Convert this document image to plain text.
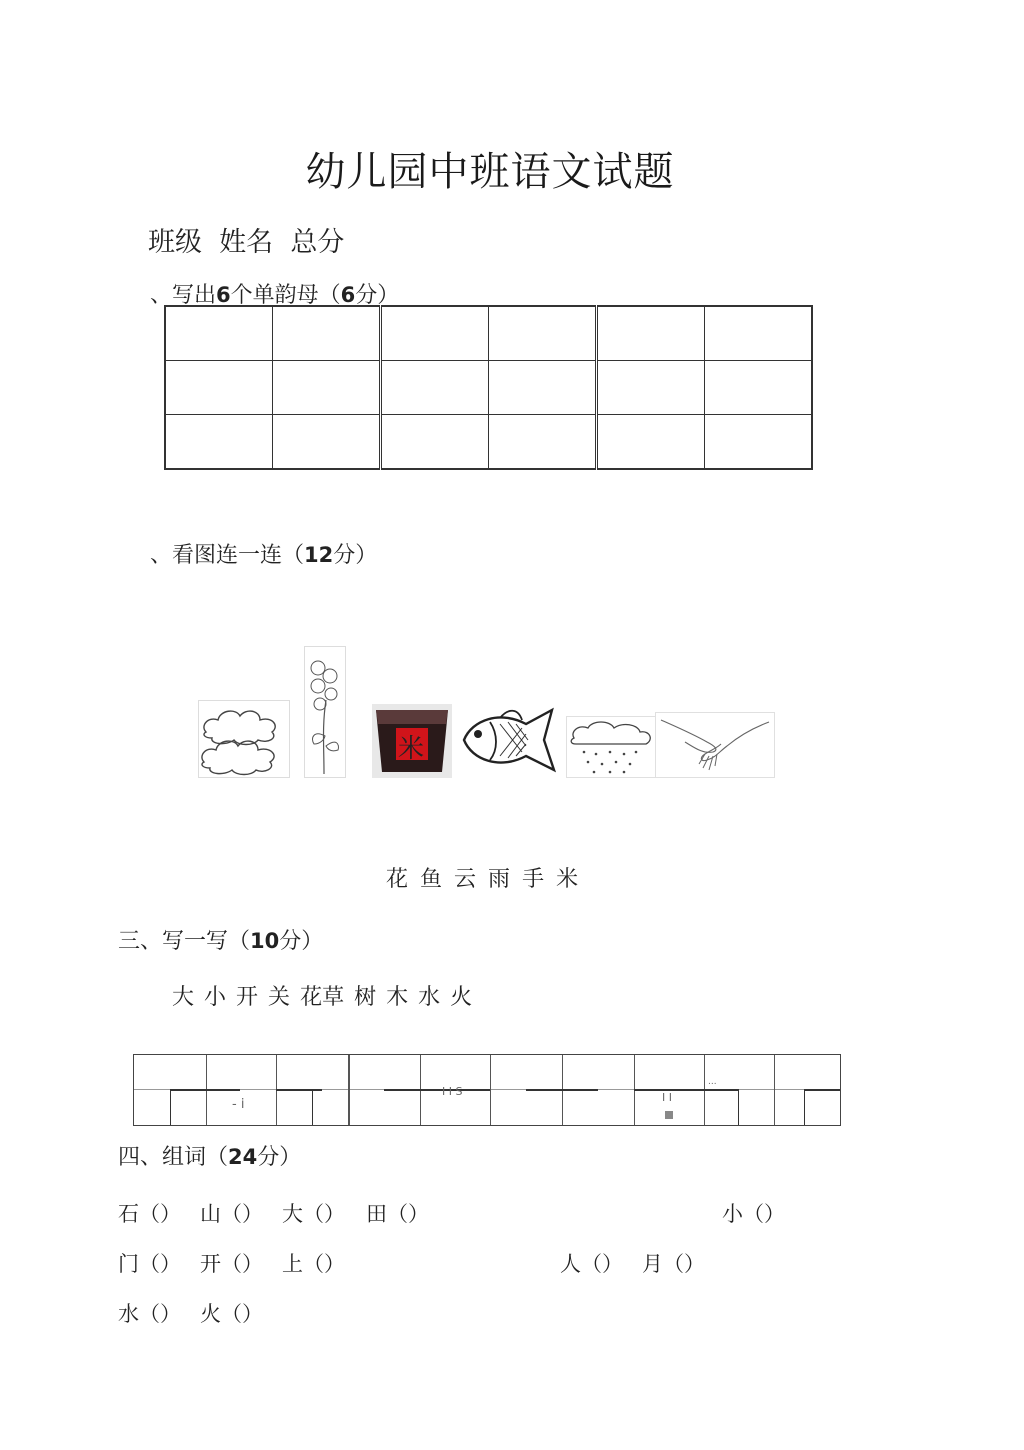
幼儿园中班语文试题
班级  姓名  总分
、写出6个单韵母（6分）

、看图连一连（12分）
米
花 鱼 云 雨 手 米
三、写一写（10分）
大 小 开 关 花草 树 木 水 火
- i
I I S	I I
...
四、组词（24分）
石（） 山（） 大（） 田（）	小（）
门（） 开（） 上（）	人（） 月（）
水（） 火（）
